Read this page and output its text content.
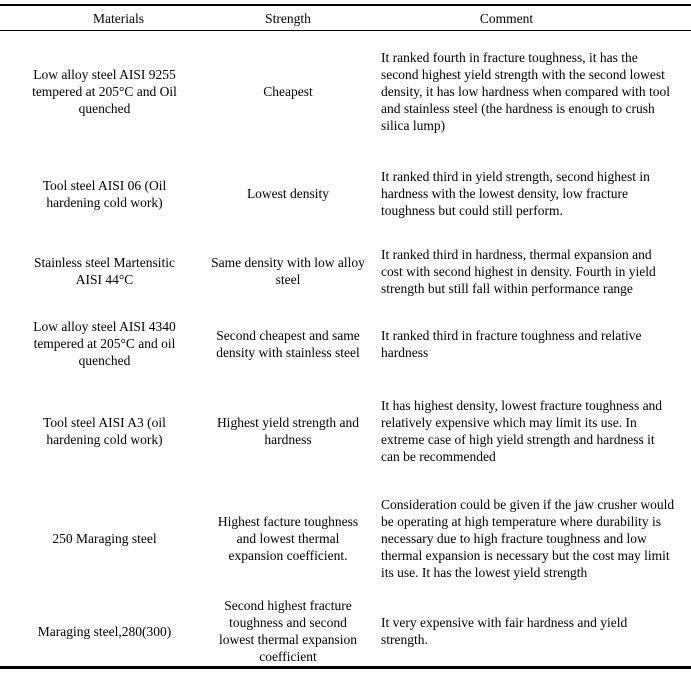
Materials	Strength	Comment
Low alloy steel AISI 9255 tempered at 205°C and Oil quenched	Cheapest	It ranked fourth in fracture toughness, it has the second highest yield strength with the second lowest density, it has low hardness when compared with tool and stainless steel (the hardness is enough to crush silica lump)
Tool steel AISI 06 (Oil hardening cold work)	Lowest density	It ranked third in yield strength, second highest in hardness with the lowest density, low fracture toughness but could still perform.
Stainless steel Martensitic AISI 44°C	Same density with low alloy steel	It ranked third in hardness, thermal expansion and cost with second highest in density. Fourth in yield strength but still fall within performance range
Low alloy steel AISI 4340 tempered at 205°C and oil quenched	Second cheapest and same density with stainless steel	It ranked third in fracture toughness and relative hardness
Tool steel AISI A3 (oil hardening cold work)	Highest yield strength and hardness	It has highest density, lowest fracture toughness and relatively expensive which may limit its use. In extreme case of high yield strength and hardness it can be recommended
250 Maraging steel	Highest facture toughness and lowest thermal expansion coefficient.	Consideration could be given if the jaw crusher would be operating at high temperature where durability is necessary due to high fracture toughness and low thermal expansion is necessary but the cost may limit its use. It has the lowest yield strength
Maraging steel,280(300)	Second highest fracture toughness and second lowest thermal expansion coefficient	It very expensive with fair hardness and yield strength.
